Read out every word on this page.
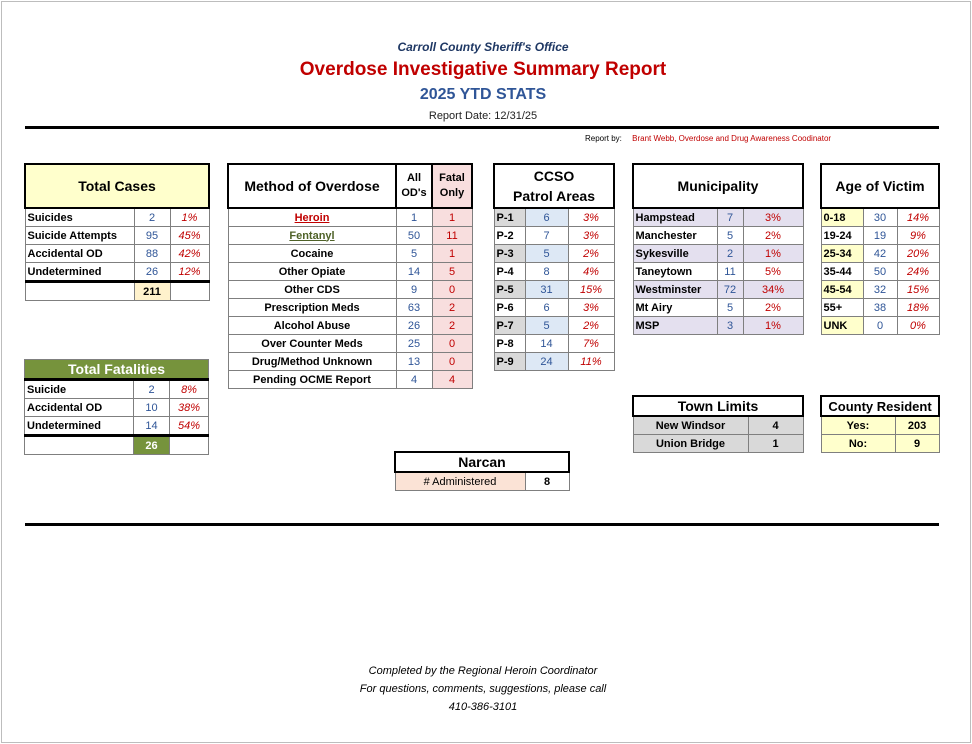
Carroll County Sheriff's Office
Overdose Investigative Summary Report
2025 YTD STATS
Report Date: 12/31/25
Report by: Brant Webb, Overdose and Drug Awareness Coodinator
Total Cases		
Suicides	2	1%
Suicide Attempts	95	45%
Accidental OD	88	42%
Undetermined	26	12%
	211	
Total Fatalities		
Suicide	2	8%
Accidental OD	10	38%
Undetermined	14	54%
	26	
Method of Overdose	All OD's	Fatal Only
Heroin	1	1
Fentanyl	50	11
Cocaine	5	1
Other Opiate	14	5
Other CDS	9	0
Prescription Meds	63	2
Alcohol Abuse	26	2
Over Counter Meds	25	0
Drug/Method Unknown	13	0
Pending OCME Report	4	4
CCSO
Patrol Areas		

P-1	6	3%
P-2	7	3%
P-3	5	2%
P-4	8	4%
P-5	31	15%
P-6	6	3%
P-7	5	2%
P-8	14	7%
P-9	24	11%
Municipality		
Hampstead	7	3%
Manchester	5	2%
Sykesville	2	1%
Taneytown	11	5%
Westminster	72	34%
Mt Airy	5	2%
MSP	3	1%
Age of Victim		
0-18	30	14%
19-24	19	9%
25-34	42	20%
35-44	50	24%
45-54	32	15%
55+	38	18%
UNK	0	0%
Town Limits	
New Windsor	4
Union Bridge	1
County Resident	
Yes:	203
No:	9
Narcan
# Administered	8
Completed by the Regional Heroin Coordinator
For questions, comments, suggestions, please call
410-386-3101
